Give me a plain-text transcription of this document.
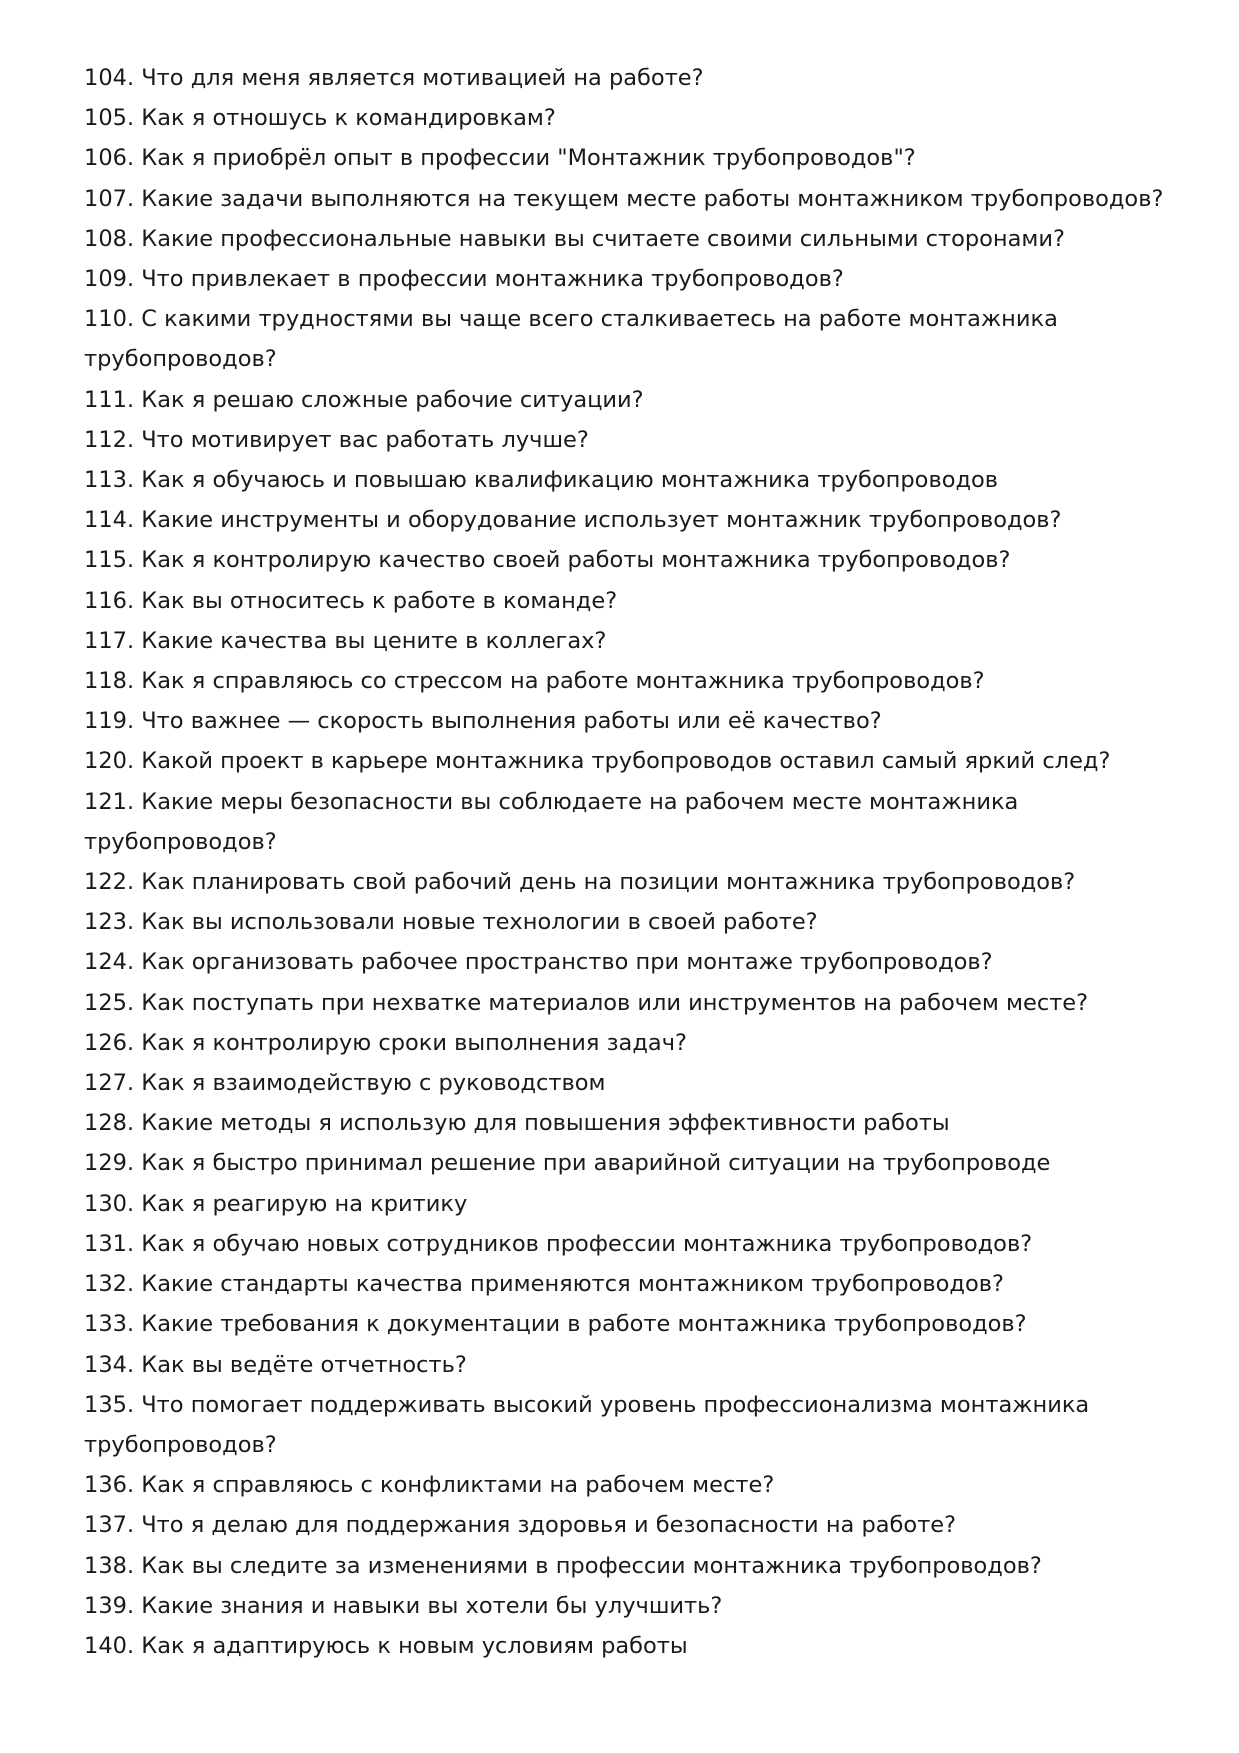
104. Что для меня является мотивацией на работе?
105. Как я отношусь к командировкам?
106. Как я приобрёл опыт в профессии "Монтажник трубопроводов"?
107. Какие задачи выполняются на текущем месте работы монтажником трубопроводов?
108. Какие профессиональные навыки вы считаете своими сильными сторонами?
109. Что привлекает в профессии монтажника трубопроводов?
110. С какими трудностями вы чаще всего сталкиваетесь на работе монтажника трубопроводов?
111. Как я решаю сложные рабочие ситуации?
112. Что мотивирует вас работать лучше?
113. Как я обучаюсь и повышаю квалификацию монтажника трубопроводов
114. Какие инструменты и оборудование использует монтажник трубопроводов?
115. Как я контролирую качество своей работы монтажника трубопроводов?
116. Как вы относитесь к работе в команде?
117. Какие качества вы цените в коллегах?
118. Как я справляюсь со стрессом на работе монтажника трубопроводов?
119. Что важнее — скорость выполнения работы или её качество?
120. Какой проект в карьере монтажника трубопроводов оставил самый яркий след?
121. Какие меры безопасности вы соблюдаете на рабочем месте монтажника трубопроводов?
122. Как планировать свой рабочий день на позиции монтажника трубопроводов?
123. Как вы использовали новые технологии в своей работе?
124. Как организовать рабочее пространство при монтаже трубопроводов?
125. Как поступать при нехватке материалов или инструментов на рабочем месте?
126. Как я контролирую сроки выполнения задач?
127. Как я взаимодействую с руководством
128. Какие методы я использую для повышения эффективности работы
129. Как я быстро принимал решение при аварийной ситуации на трубопроводе
130. Как я реагирую на критику
131. Как я обучаю новых сотрудников профессии монтажника трубопроводов?
132. Какие стандарты качества применяются монтажником трубопроводов?
133. Какие требования к документации в работе монтажника трубопроводов?
134. Как вы ведёте отчетность?
135. Что помогает поддерживать высокий уровень профессионализма монтажника трубопроводов?
136. Как я справляюсь с конфликтами на рабочем месте?
137. Что я делаю для поддержания здоровья и безопасности на работе?
138. Как вы следите за изменениями в профессии монтажника трубопроводов?
139. Какие знания и навыки вы хотели бы улучшить?
140. Как я адаптируюсь к новым условиям работы
